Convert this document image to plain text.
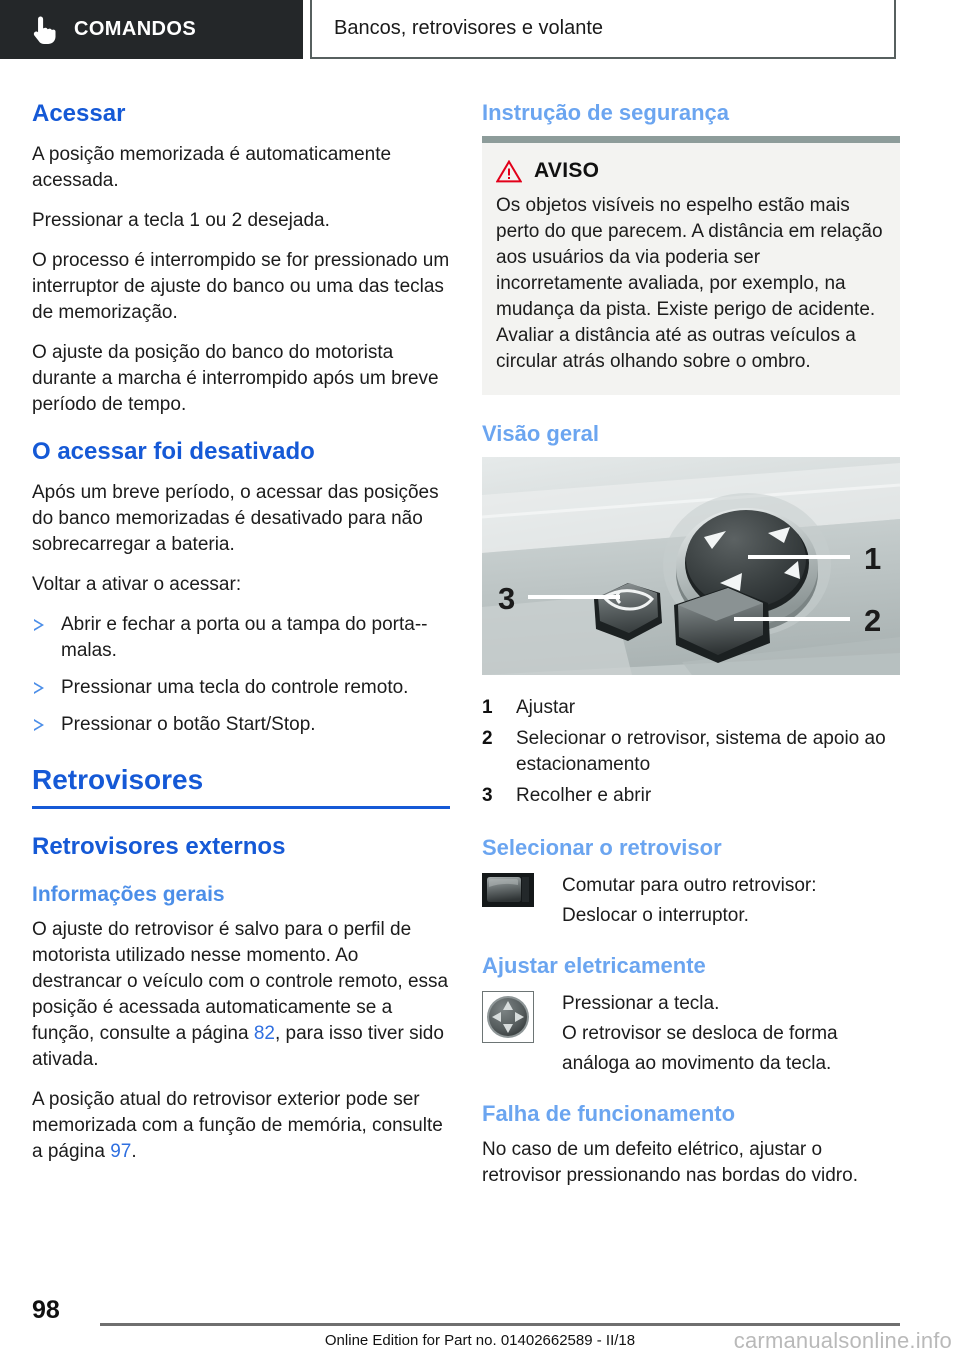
COMANDOS	Bancos, retrovisores e volante
Acessar

A posição memorizada é automaticamente acessada.

Pressionar a tecla 1 ou 2 desejada.

O processo é interrompido se for pressionado um interruptor de ajuste do banco ou uma das teclas de memorização.

O ajuste da posição do banco do motorista durante a marcha é interrompido após um breve período de tempo.

O acessar foi desativado

Após um breve período, o acessar das posições do banco memorizadas é desativado para não sobrecarregar a bateria.

Voltar a ativar o acessar:

Abrir e fechar a porta ou a tampa do porta--malas.
Pressionar uma tecla do controle remoto.
Pressionar o botão Start/Stop.
Retrovisores
Retrovisores externos
Informações gerais

O ajuste do retrovisor é salvo para o perfil de motorista utilizado nesse momento. Ao destrancar o veículo com o controle remoto, essa posição é acessada automaticamente se a função, consulte a página 82, para isso tiver sido ativada.

A posição atual do retrovisor exterior pode ser memorizada com a função de memória, consulte a página 97.

Instrução de segurança
AVISO
Os objetos visíveis no espelho estão mais perto do que parecem. A distância em relação aos usuários da via poderia ser incorretamente avaliada, por exemplo, na mudança da pista. Existe perigo de acidente. Avaliar a distância até as outras veículos a circular atrás olhando sobre o ombro.
Visão geral
1
2
3
1 Ajustar
2 Selecionar o retrovisor, sistema de apoio ao estacionamento
3 Recolher e abrir
Selecionar o retrovisor
Comutar para outro retrovisor:
Deslocar o interruptor.
Ajustar eletricamente
Pressionar a tecla.
O retrovisor se desloca de forma análoga ao movimento da tecla.
Falha de funcionamento

No caso de um defeito elétrico, ajustar o retrovisor pressionando nas bordas do vidro.

98
Online Edition for Part no. 01402662589 - II/18	carmanualsonline.info
